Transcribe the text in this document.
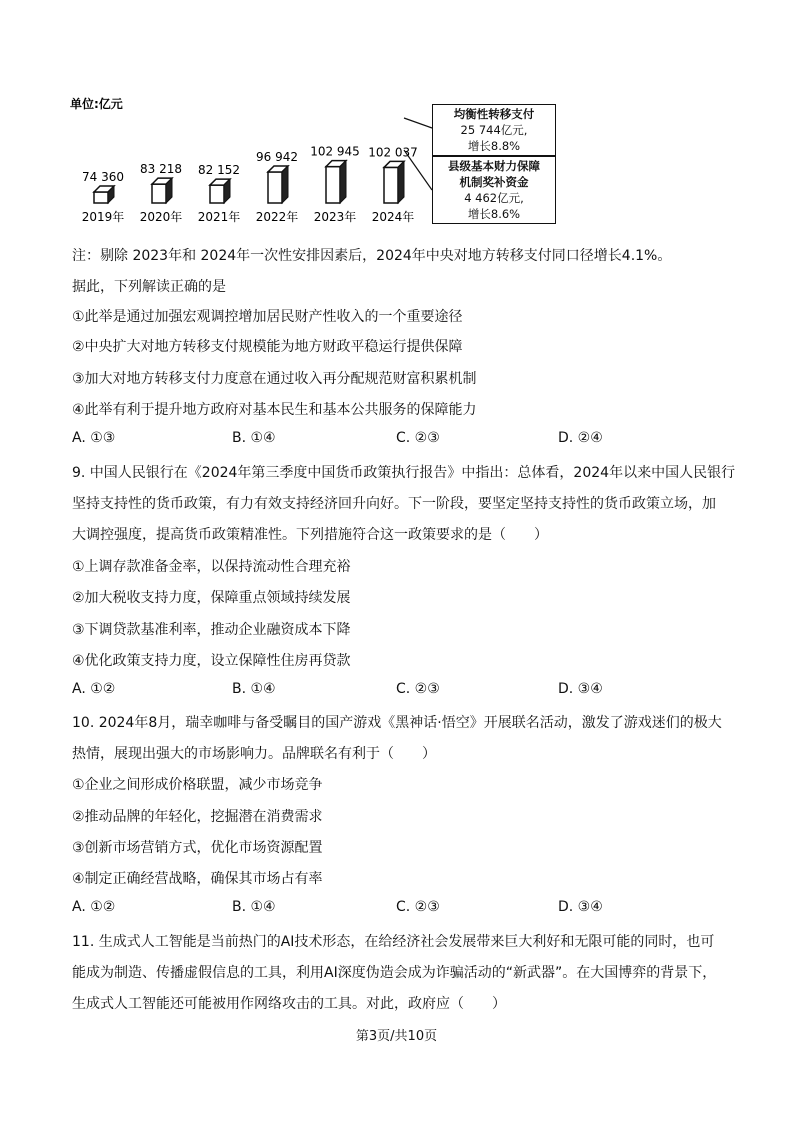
单位:亿元
74 360
2019年
83 218
2020年
82 152
2021年
96 942
2022年
102 945
2023年
102 037
2024年
均衡性转移支付
25 744亿元,
增长8.8%
县级基本财力保障
机制奖补资金
4 462亿元,
增长8.6%
注：剔除 2023年和 2024年一次性安排因素后，2024年中央对地方转移支付同口径增长4.1%。
据此，下列解读正确的是
①此举是通过加强宏观调控增加居民财产性收入的一个重要途径
②中央扩大对地方转移支付规模能为地方财政平稳运行提供保障
③加大对地方转移支付力度意在通过收入再分配规范财富积累机制
④此举有利于提升地方政府对基本民生和基本公共服务的保障能力
A. ①③	B. ①④	C. ②③	D. ②④
9. 中国人民银行在《2024年第三季度中国货币政策执行报告》中指出：总体看，2024年以来中国人民银行
坚持支持性的货币政策，有力有效支持经济回升向好。下一阶段，要坚定坚持支持性的货币政策立场，加
大调控强度，提高货币政策精准性。下列措施符合这一政策要求的是（　　）
①上调存款准备金率，以保持流动性合理充裕
②加大税收支持力度，保障重点领域持续发展
③下调贷款基准利率，推动企业融资成本下降
④优化政策支持力度，设立保障性住房再贷款
A. ①②	B. ①④	C. ②③	D. ③④
10. 2024年8月，瑞幸咖啡与备受瞩目的国产游戏《黑神话·悟空》开展联名活动，激发了游戏迷们的极大
热情，展现出强大的市场影响力。品牌联名有利于（　　）
①企业之间形成价格联盟，减少市场竞争
②推动品牌的年轻化，挖掘潜在消费需求
③创新市场营销方式，优化市场资源配置
④制定正确经营战略，确保其市场占有率
A. ①②	B. ①④	C. ②③	D. ③④
11. 生成式人工智能是当前热门的AI技术形态，在给经济社会发展带来巨大利好和无限可能的同时，也可
能成为制造、传播虚假信息的工具，利用AI深度伪造会成为诈骗活动的“新武器”。在大国博弈的背景下，
生成式人工智能还可能被用作网络攻击的工具。对此，政府应（　　）
第3页/共10页
